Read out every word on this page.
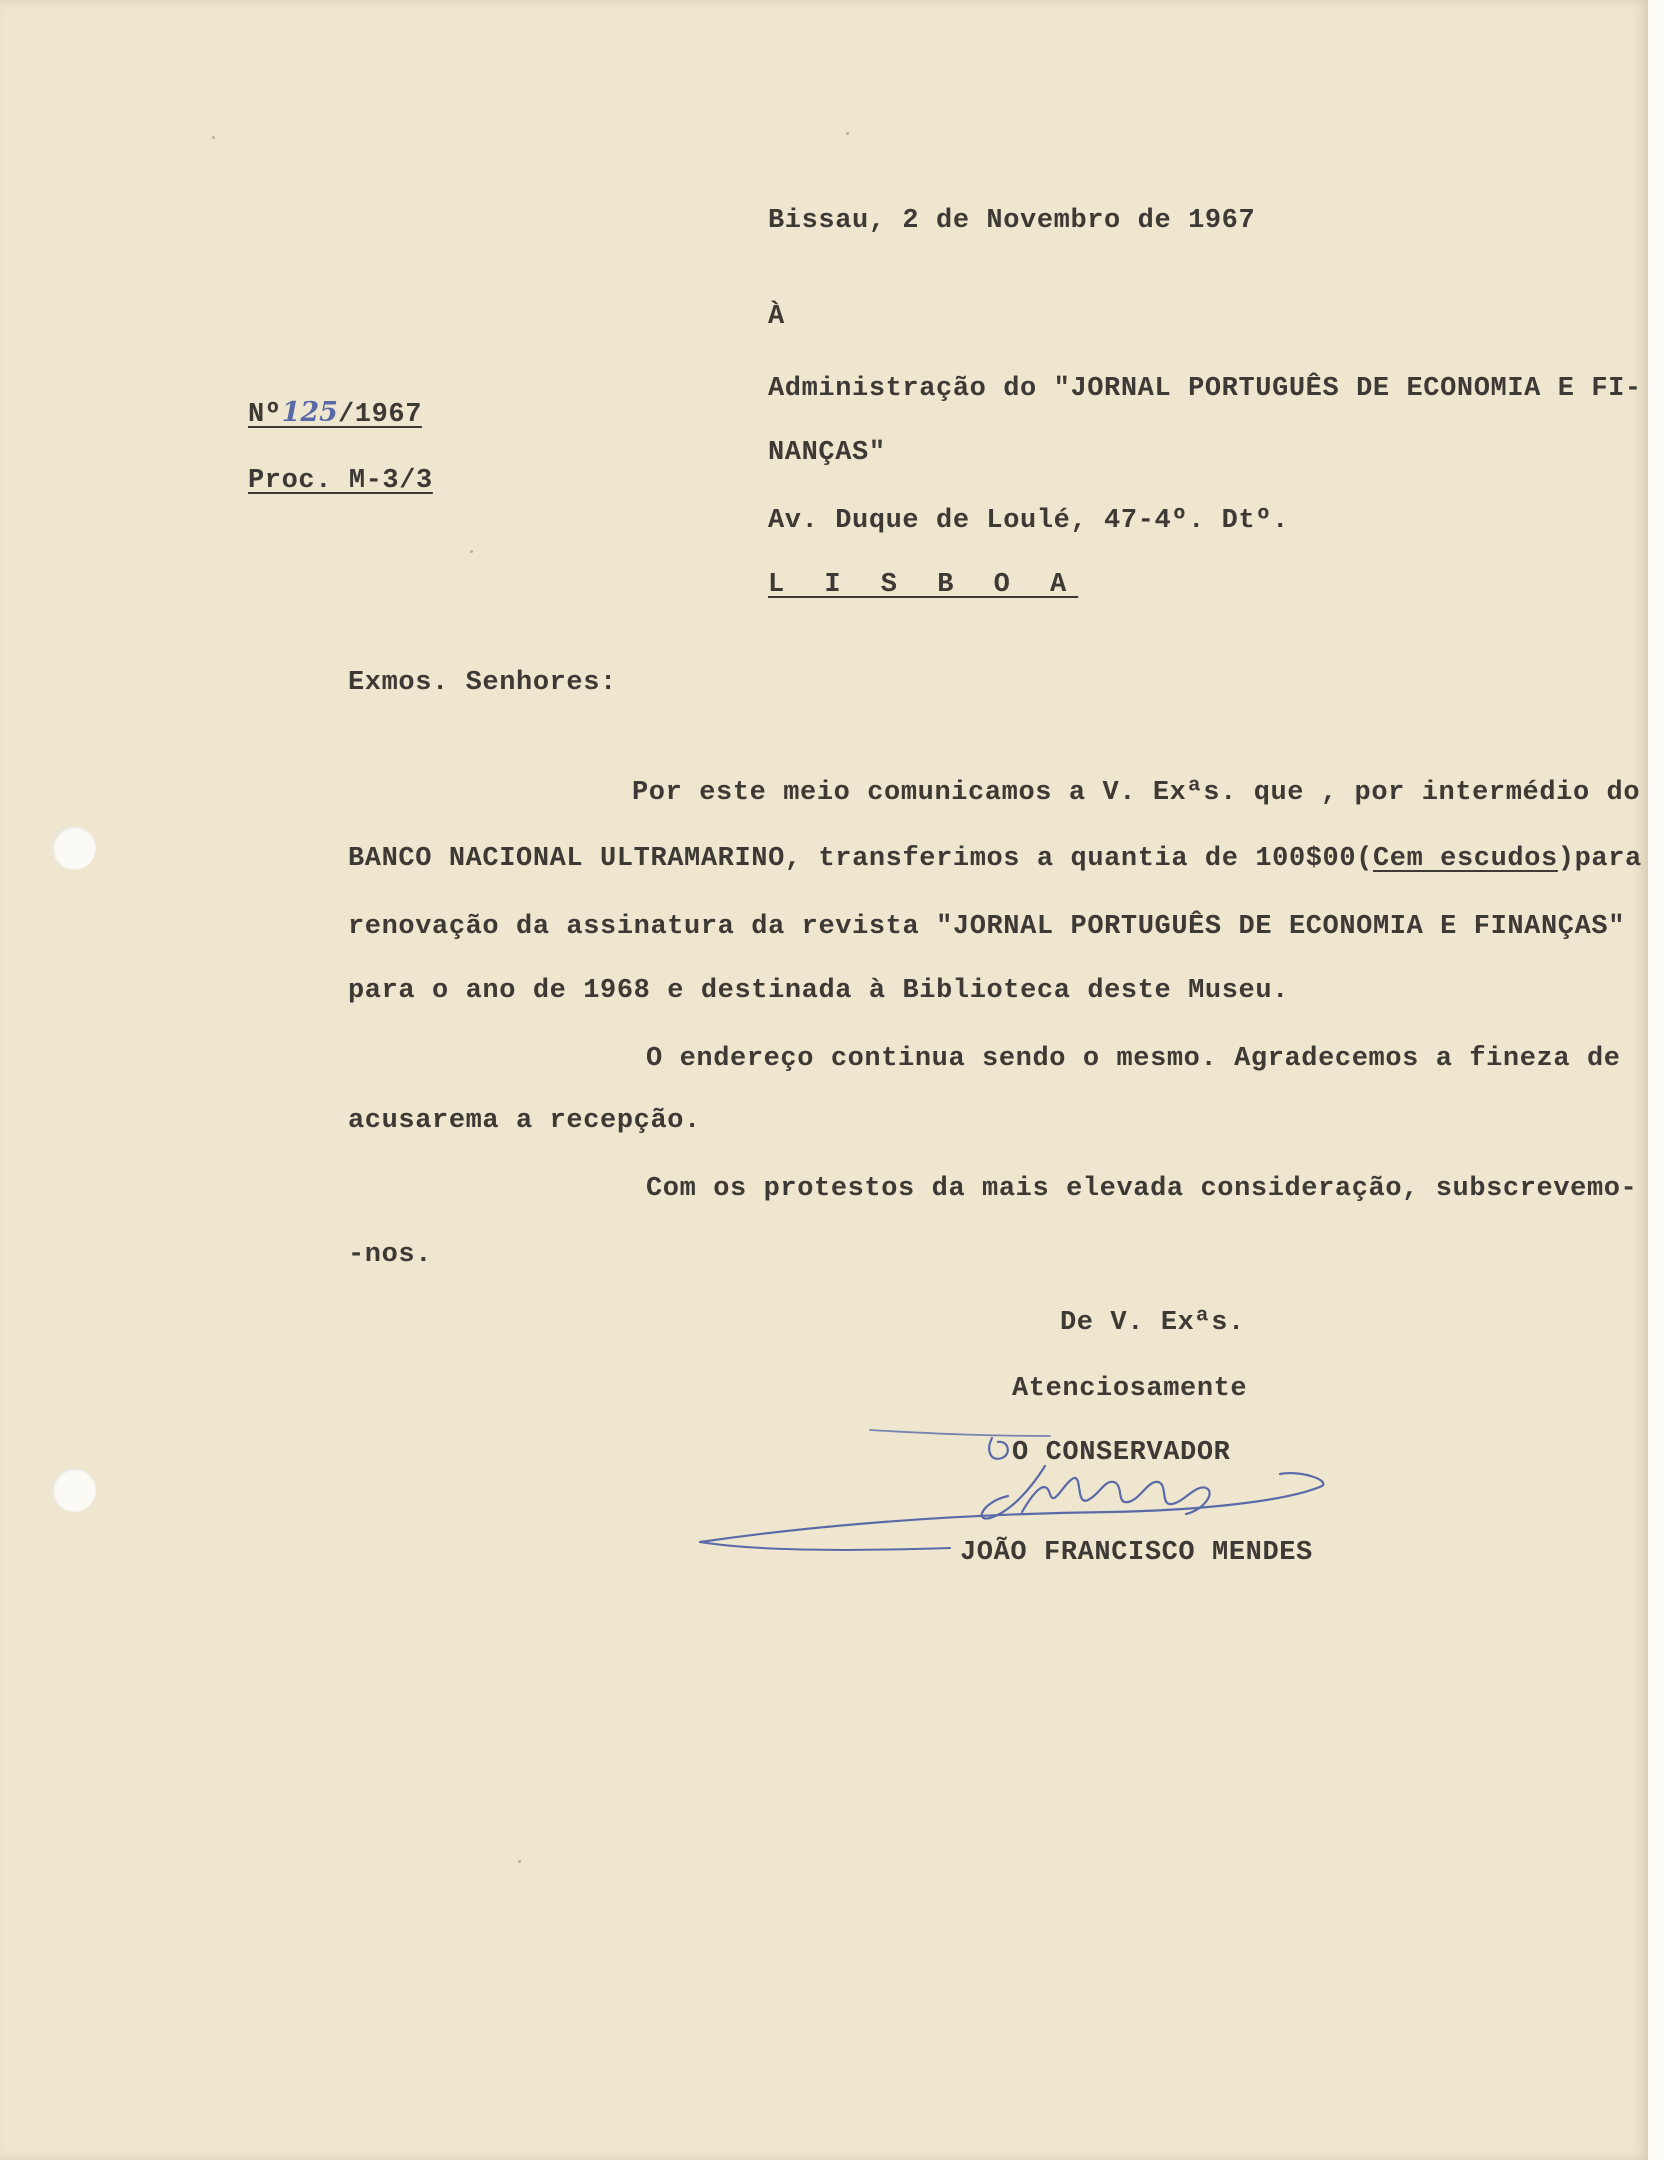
Bissau, 2 de Novembro de 1967
À
Nº125/1967
Proc. M-3/3
Administração do "JORNAL PORTUGUÊS DE ECONOMIA E FI-
NANÇAS"
Av. Duque de Loulé, 47-4º. Dtº.
L I S B O A
Exmos. Senhores:
Por este meio comunicamos a V. Exªs. que , por intermédio do
BANCO NACIONAL ULTRAMARINO, transferimos a quantia de 100$00(Cem escudos)para
renovação da assinatura da revista "JORNAL PORTUGUÊS DE ECONOMIA E FINANÇAS"
para o ano de 1968 e destinada à Biblioteca deste Museu.
O endereço continua sendo o mesmo. Agradecemos a fineza de
acusarema a recepção.
Com os protestos da mais elevada consideração, subscrevemo-
-nos.
De V. Exªs.
Atenciosamente
O CONSERVADOR
JOÃO FRANCISCO MENDES
